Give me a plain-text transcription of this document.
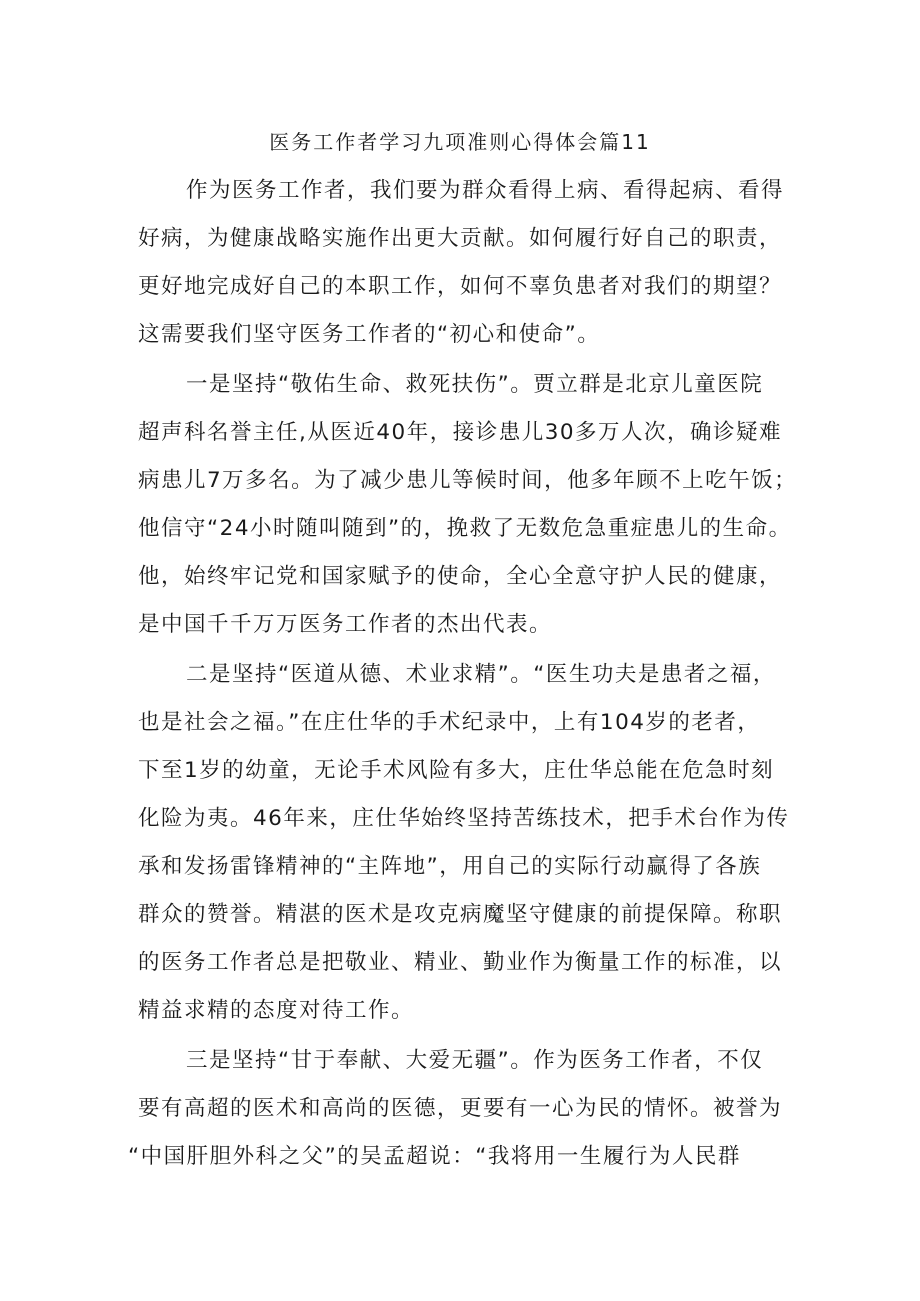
医务工作者学习九项准则心得体会篇11
作为医务工作者，我们要为群众看得上病、看得起病、看得
好病，为健康战略实施作出更大贡献。如何履行好自己的职责，
更好地完成好自己的本职工作，如何不辜负患者对我们的期望？
这需要我们坚守医务工作者的“初心和使命”。
一是坚持“敬佑生命、救死扶伤”。贾立群是北京儿童医院
超声科名誉主任,从医近40年，接诊患儿30多万人次，确诊疑难
病患儿7万多名。为了减少患儿等候时间，他多年顾不上吃午饭；
他信守“24小时随叫随到”的，挽救了无数危急重症患儿的生命。
他，始终牢记党和国家赋予的使命，全心全意守护人民的健康，
是中国千千万万医务工作者的杰出代表。
二是坚持“医道从德、术业求精”。“医生功夫是患者之福，
也是社会之福。”在庄仕华的手术纪录中，上有104岁的老者，
下至1岁的幼童，无论手术风险有多大，庄仕华总能在危急时刻
化险为夷。46年来，庄仕华始终坚持苦练技术，把手术台作为传
承和发扬雷锋精神的“主阵地”，用自己的实际行动赢得了各族
群众的赞誉。精湛的医术是攻克病魔坚守健康的前提保障。称职
的医务工作者总是把敬业、精业、勤业作为衡量工作的标准，以
精益求精的态度对待工作。
三是坚持“甘于奉献、大爱无疆”。作为医务工作者，不仅
要有高超的医术和高尚的医德，更要有一心为民的情怀。被誉为
“中国肝胆外科之父”的吴孟超说：“我将用一生履行为人民群
